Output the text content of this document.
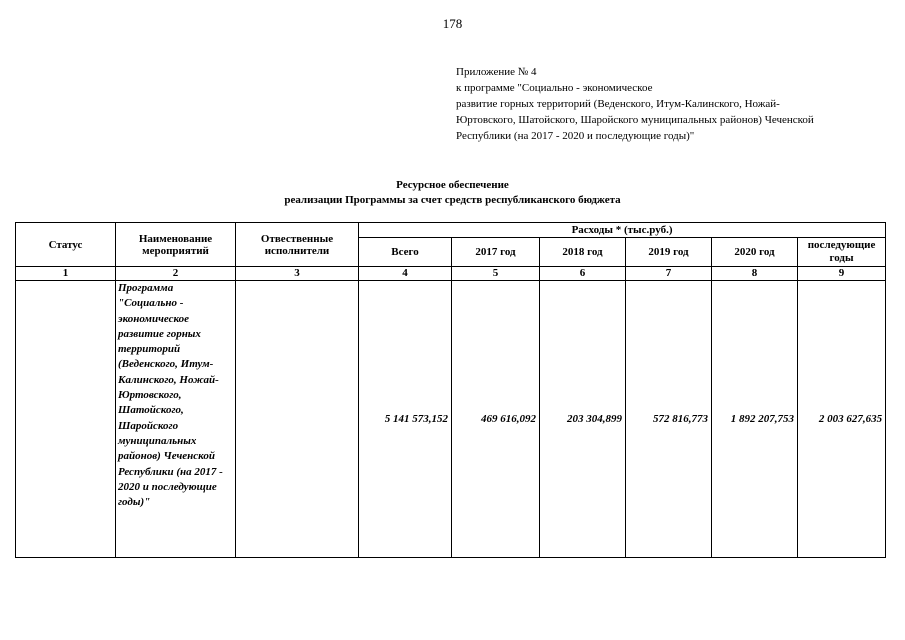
178
Приложение № 4
к программе "Социально - экономическое
развитие горных территорий (Веденского, Итум-Калинского, Ножай-
Юртовского, Шатойского, Шаройского муниципальных районов) Чеченской
Республики (на 2017 - 2020 и последующие годы)"
Ресурсное обеспечение
реализации Программы за счет средств республиканского бюджета
Статус	Наименование мероприятий	Отвественные исполнители	Расходы * (тыс.руб.)					
			Всего	2017 год	2018 год	2019 год	2020 год	последующие годы
1	2	3	4	5	6	7	8	9
	Программа "Социально - экономическое развитие горных территорий (Веденского, Итум-Калинского, Ножай-Юртовского, Шатойского, Шаройского муниципальных районов) Чеченской Республики (на 2017 - 2020 и последующие годы)"		5 141 573,152	469 616,092	203 304,899	572 816,773	1 892 207,753	2 003 627,635
